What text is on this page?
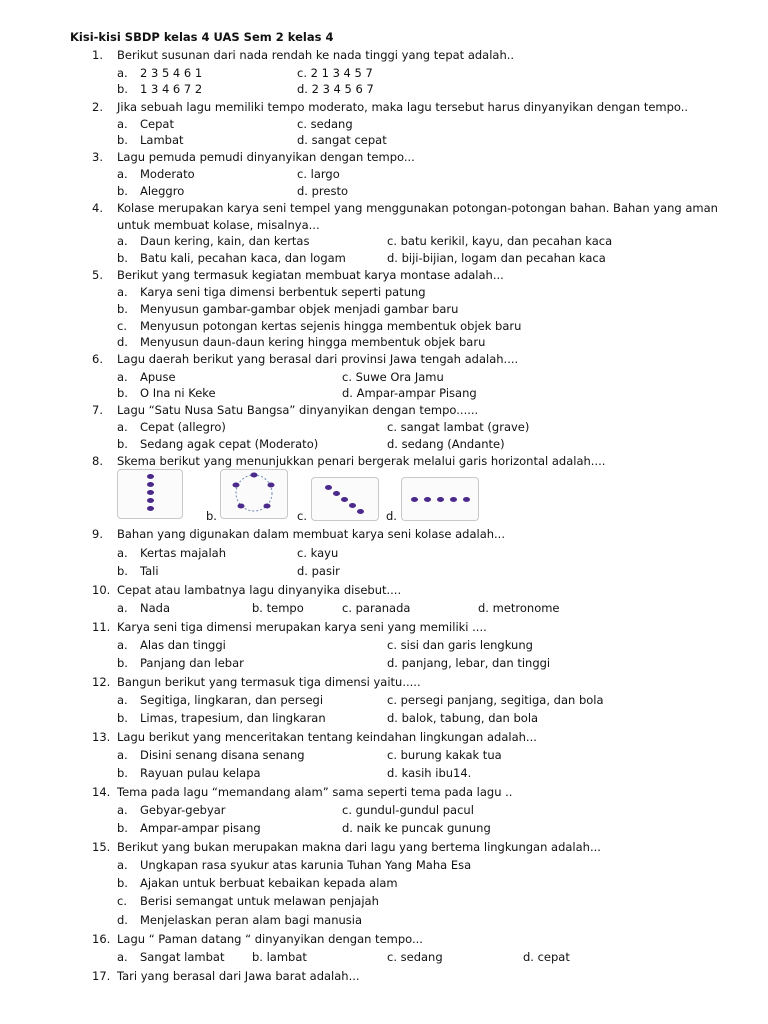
Kisi-kisi SBDP kelas 4 UAS Sem 2 kelas 4
b.	c.	d.
1. Berikut susunan dari nada rendah ke nada tinggi yang tepat adalah..
a. 2 3 5 4 6 1	c. 2 1 3 4 5 7
b. 1 3 4 6 7 2	d. 2 3 4 5 6 7
2. Jika sebuah lagu memiliki tempo moderato, maka lagu tersebut harus dinyanyikan dengan tempo..
a. Cepat	c. sedang
b. Lambat	d. sangat cepat
3. Lagu pemuda pemudi dinyanyikan dengan tempo...
a. Moderato	c. largo
b. Aleggro	d. presto
4. Kolase merupakan karya seni tempel yang menggunakan potongan-potongan bahan. Bahan yang aman
untuk membuat kolase, misalnya...
a. Daun kering, kain, dan kertas	c. batu kerikil, kayu, dan pecahan kaca
b. Batu kali, pecahan kaca, dan logam	d. biji-bijian, logam dan pecahan kaca
5. Berikut yang termasuk kegiatan membuat karya montase adalah...
a. Karya seni tiga dimensi berbentuk seperti patung
b. Menyusun gambar-gambar objek menjadi gambar baru
c. Menyusun potongan kertas sejenis hingga membentuk objek baru
d. Menyusun daun-daun kering hingga membentuk objek baru
6. Lagu daerah berikut yang berasal dari provinsi Jawa tengah adalah....
a. Apuse	c. Suwe Ora Jamu
b. O Ina ni Keke	d. Ampar-ampar Pisang
7. Lagu “Satu Nusa Satu Bangsa” dinyanyikan dengan tempo......
a. Cepat (allegro)	c. sangat lambat (grave)
b. Sedang agak cepat (Moderato)	d. sedang (Andante)
8. Skema berikut yang menunjukkan penari bergerak melalui garis horizontal adalah....
9. Bahan yang digunakan dalam membuat karya seni kolase adalah...
a. Kertas majalah	c. kayu
b. Tali	d. pasir
10. Cepat atau lambatnya lagu dinyanyika disebut....
a. Nada	b. tempo	c. paranada	d. metronome
11. Karya seni tiga dimensi merupakan karya seni yang memiliki ....
a. Alas dan tinggi	c. sisi dan garis lengkung
b. Panjang dan lebar	d. panjang, lebar, dan tinggi
12. Bangun berikut yang termasuk tiga dimensi yaitu.....
a. Segitiga, lingkaran, dan persegi	c. persegi panjang, segitiga, dan bola
b. Limas, trapesium, dan lingkaran	d. balok, tabung, dan bola
13. Lagu berikut yang menceritakan tentang keindahan lingkungan adalah...
a. Disini senang disana senang	c. burung kakak tua
b. Rayuan pulau kelapa	d. kasih ibu14.
14. Tema pada lagu “memandang alam” sama seperti tema pada lagu ..
a. Gebyar-gebyar	c. gundul-gundul pacul
b. Ampar-ampar pisang	d. naik ke puncak gunung
15. Berikut yang bukan merupakan makna dari lagu yang bertema lingkungan adalah...
a. Ungkapan rasa syukur atas karunia Tuhan Yang Maha Esa
b. Ajakan untuk berbuat kebaikan kepada alam
c. Berisi semangat untuk melawan penjajah
d. Menjelaskan peran alam bagi manusia
16. Lagu “ Paman datang “ dinyanyikan dengan tempo...
a. Sangat lambat b. lambat	c. sedang	d. cepat
17. Tari yang berasal dari Jawa barat adalah...
